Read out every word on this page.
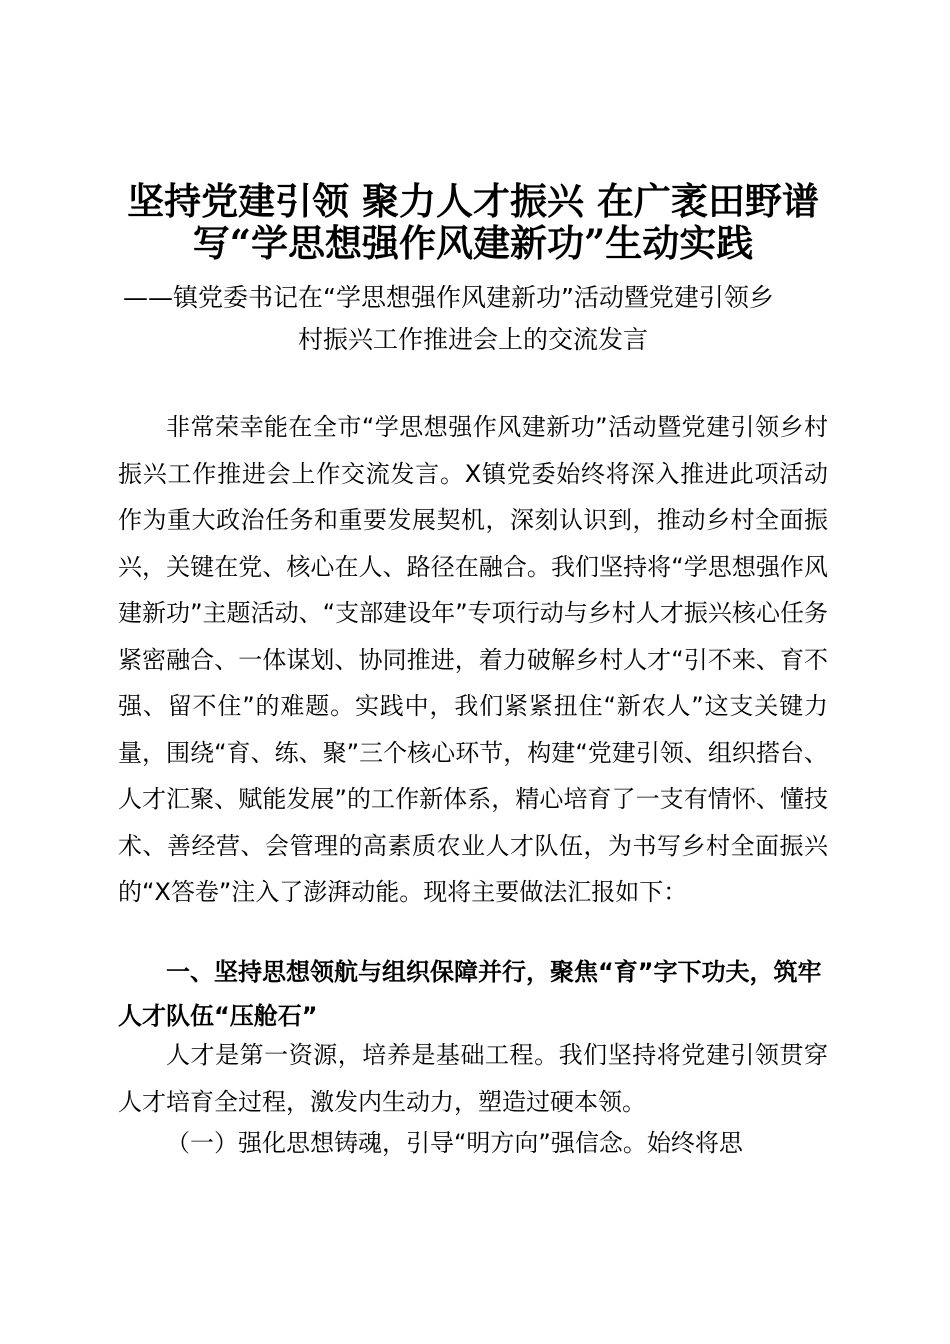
坚持党建引领 聚力人才振兴 在广袤田野谱
写“学思想强作风建新功”生动实践

——镇党委书记在“学思想强作风建新功”活动暨党建引领乡

村振兴工作推进会上的交流发言

非常荣幸能在全市“学思想强作风建新功”活动暨党建引领乡村振兴工作推进会上作交流发言。X镇党委始终将深入推进此项活动作为重大政治任务和重要发展契机，深刻认识到，推动乡村全面振兴，关键在党、核心在人、路径在融合。我们坚持将“学思想强作风建新功”主题活动、“支部建设年”专项行动与乡村人才振兴核心任务紧密融合、一体谋划、协同推进，着力破解乡村人才“引不来、育不强、留不住”的难题。实践中，我们紧紧扭住“新农人”这支关键力量，围绕“育、练、聚”三个核心环节，构建“党建引领、组织搭台、人才汇聚、赋能发展”的工作新体系，精心培育了一支有情怀、懂技术、善经营、会管理的高素质农业人才队伍，为书写乡村全面振兴的“X答卷”注入了澎湃动能。现将主要做法汇报如下：

一、坚持思想领航与组织保障并行，聚焦“育”字下功夫，筑牢人才队伍“压舱石”

人才是第一资源，培养是基础工程。我们坚持将党建引领贯穿人才培育全过程，激发内生动力，塑造过硬本领。

（一）强化思想铸魂，引导“明方向”强信念。始终将思
